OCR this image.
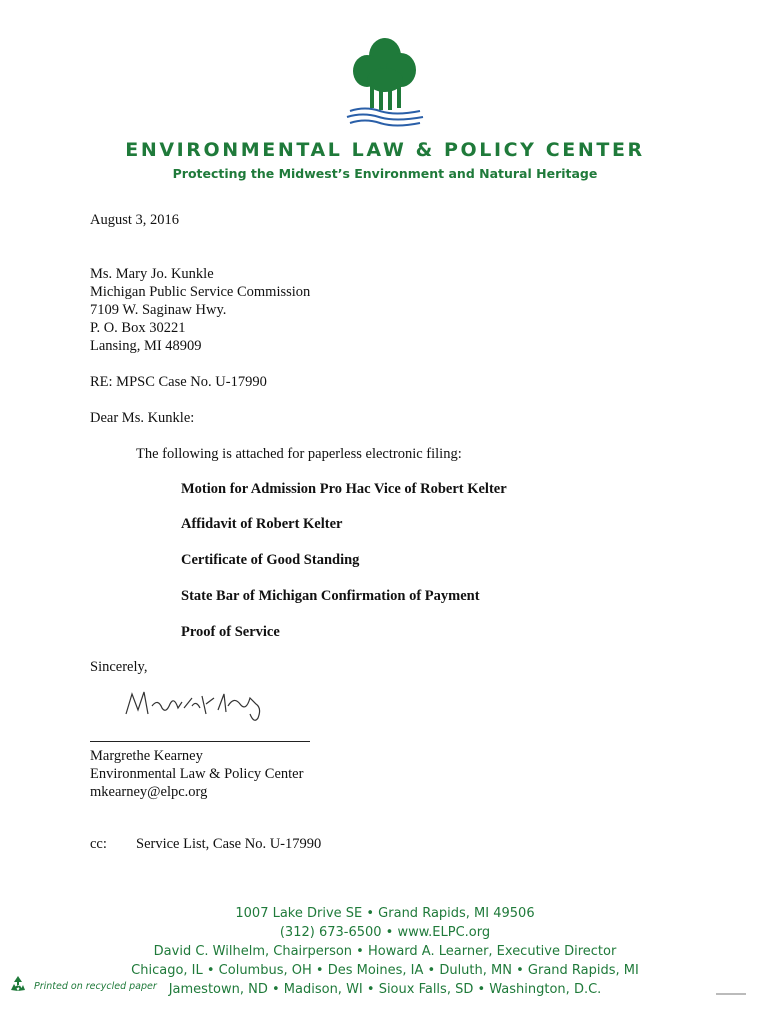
ENVIRONMENTAL LAW & POLICY CENTER
Protecting the Midwest’s Environment and Natural Heritage
August 3, 2016
Ms. Mary Jo. Kunkle
Michigan Public Service Commission
7109 W. Saginaw Hwy.
P. O. Box 30221
Lansing, MI 48909
RE: MPSC Case No. U-17990
Dear Ms. Kunkle:
The following is attached for paperless electronic filing:
Motion for Admission Pro Hac Vice of Robert Kelter
Affidavit of Robert Kelter
Certificate of Good Standing
State Bar of Michigan Confirmation of Payment
Proof of Service
Sincerely,
Margrethe Kearney
Environmental Law & Policy Center
mkearney@elpc.org
cc: Service List, Case No. U-17990
1007 Lake Drive SE • Grand Rapids, MI 49506
(312) 673-6500 • www.ELPC.org
David C. Wilhelm, Chairperson • Howard A. Learner, Executive Director
Chicago, IL • Columbus, OH • Des Moines, IA • Duluth, MN • Grand Rapids, MI
Jamestown, ND • Madison, WI • Sioux Falls, SD • Washington, D.C.
Printed on recycled paper
